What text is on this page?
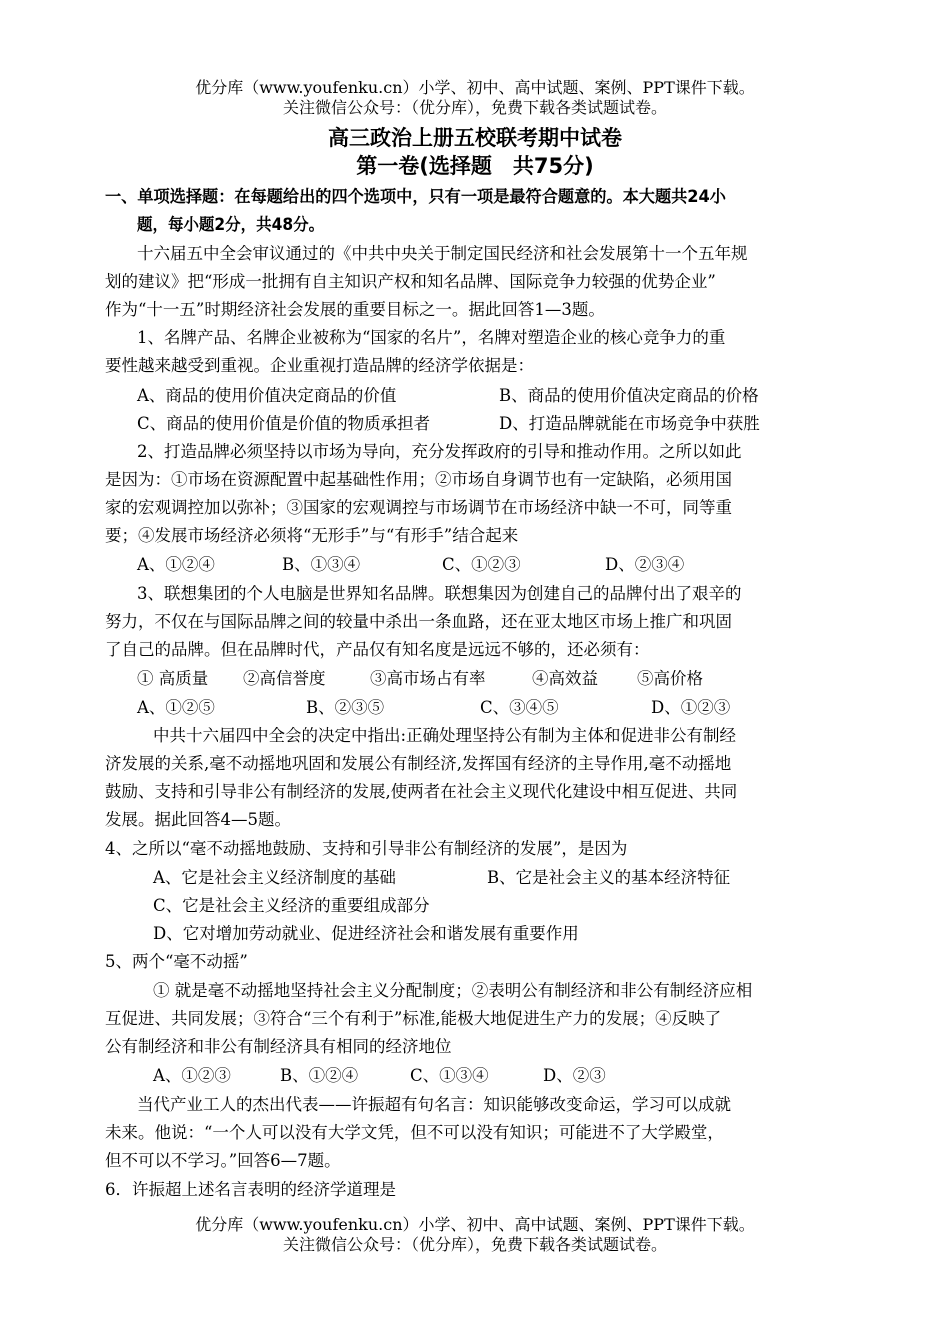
优分库（www.youfenku.cn）小学、初中、高中试题、案例、PPT课件下载。
关注微信公众号：（优分库），免费下载各类试题试卷。
高三政治上册五校联考期中试卷
第一卷(选择题　共75分)
一、单项选择题：在每题给出的四个选项中，只有一项是最符合题意的。本大题共24小
题，每小题2分，共48分。
十六届五中全会审议通过的《中共中央关于制定国民经济和社会发展第十一个五年规
划的建议》把“形成一批拥有自主知识产权和知名品牌、国际竞争力较强的优势企业”
作为“十一五”时期经济社会发展的重要目标之一。据此回答1—3题。
1、名牌产品、名牌企业被称为“国家的名片”，名牌对塑造企业的核心竞争力的重
要性越来越受到重视。企业重视打造品牌的经济学依据是：
A、商品的使用价值决定商品的价值	B、商品的使用价值决定商品的价格
C、商品的使用价值是价值的物质承担者	D、打造品牌就能在市场竞争中获胜
2、打造品牌必须坚持以市场为导向，充分发挥政府的引导和推动作用。之所以如此
是因为：①市场在资源配置中起基础性作用；②市场自身调节也有一定缺陷，必须用国
家的宏观调控加以弥补；③国家的宏观调控与市场调节在市场经济中缺一不可，同等重
要；④发展市场经济必须将“无形手”与“有形手”结合起来
A、①②④	B、①③④	C、①②③	D、②③④
3、联想集团的个人电脑是世界知名品牌。联想集因为创建自己的品牌付出了艰辛的
努力，不仅在与国际品牌之间的较量中杀出一条血路，还在亚太地区市场上推广和巩固
了自己的品牌。但在品牌时代，产品仅有知名度是远远不够的，还必须有：
① 高质量 ②高信誉度	③高市场占有率	④高效益 ⑤高价格
A、①②⑤	B、②③⑤	C、③④⑤	D、①②③
中共十六届四中全会的决定中指出:正确处理坚持公有制为主体和促进非公有制经
济发展的关系,毫不动摇地巩固和发展公有制经济,发挥国有经济的主导作用,毫不动摇地
鼓励、支持和引导非公有制经济的发展,使两者在社会主义现代化建设中相互促进、共同
发展。据此回答4—5题。
4、之所以“毫不动摇地鼓励、支持和引导非公有制经济的发展”，是因为
A、它是社会主义经济制度的基础	B、它是社会主义的基本经济特征
C、它是社会主义经济的重要组成部分
D、它对增加劳动就业、促进经济社会和谐发展有重要作用
5、两个“毫不动摇”
① 就是毫不动摇地坚持社会主义分配制度；②表明公有制经济和非公有制经济应相
互促进、共同发展；③符合“三个有利于”标准,能极大地促进生产力的发展；④反映了
公有制经济和非公有制经济具有相同的经济地位
A、①②③	B、①②④	C、①③④	D、②③
当代产业工人的杰出代表——许振超有句名言：知识能够改变命运，学习可以成就
未来。他说：“一个人可以没有大学文凭，但不可以没有知识；可能进不了大学殿堂，
但不可以不学习。”回答6—7题。
6．许振超上述名言表明的经济学道理是
优分库（www.youfenku.cn）小学、初中、高中试题、案例、PPT课件下载。
关注微信公众号：（优分库），免费下载各类试题试卷。
